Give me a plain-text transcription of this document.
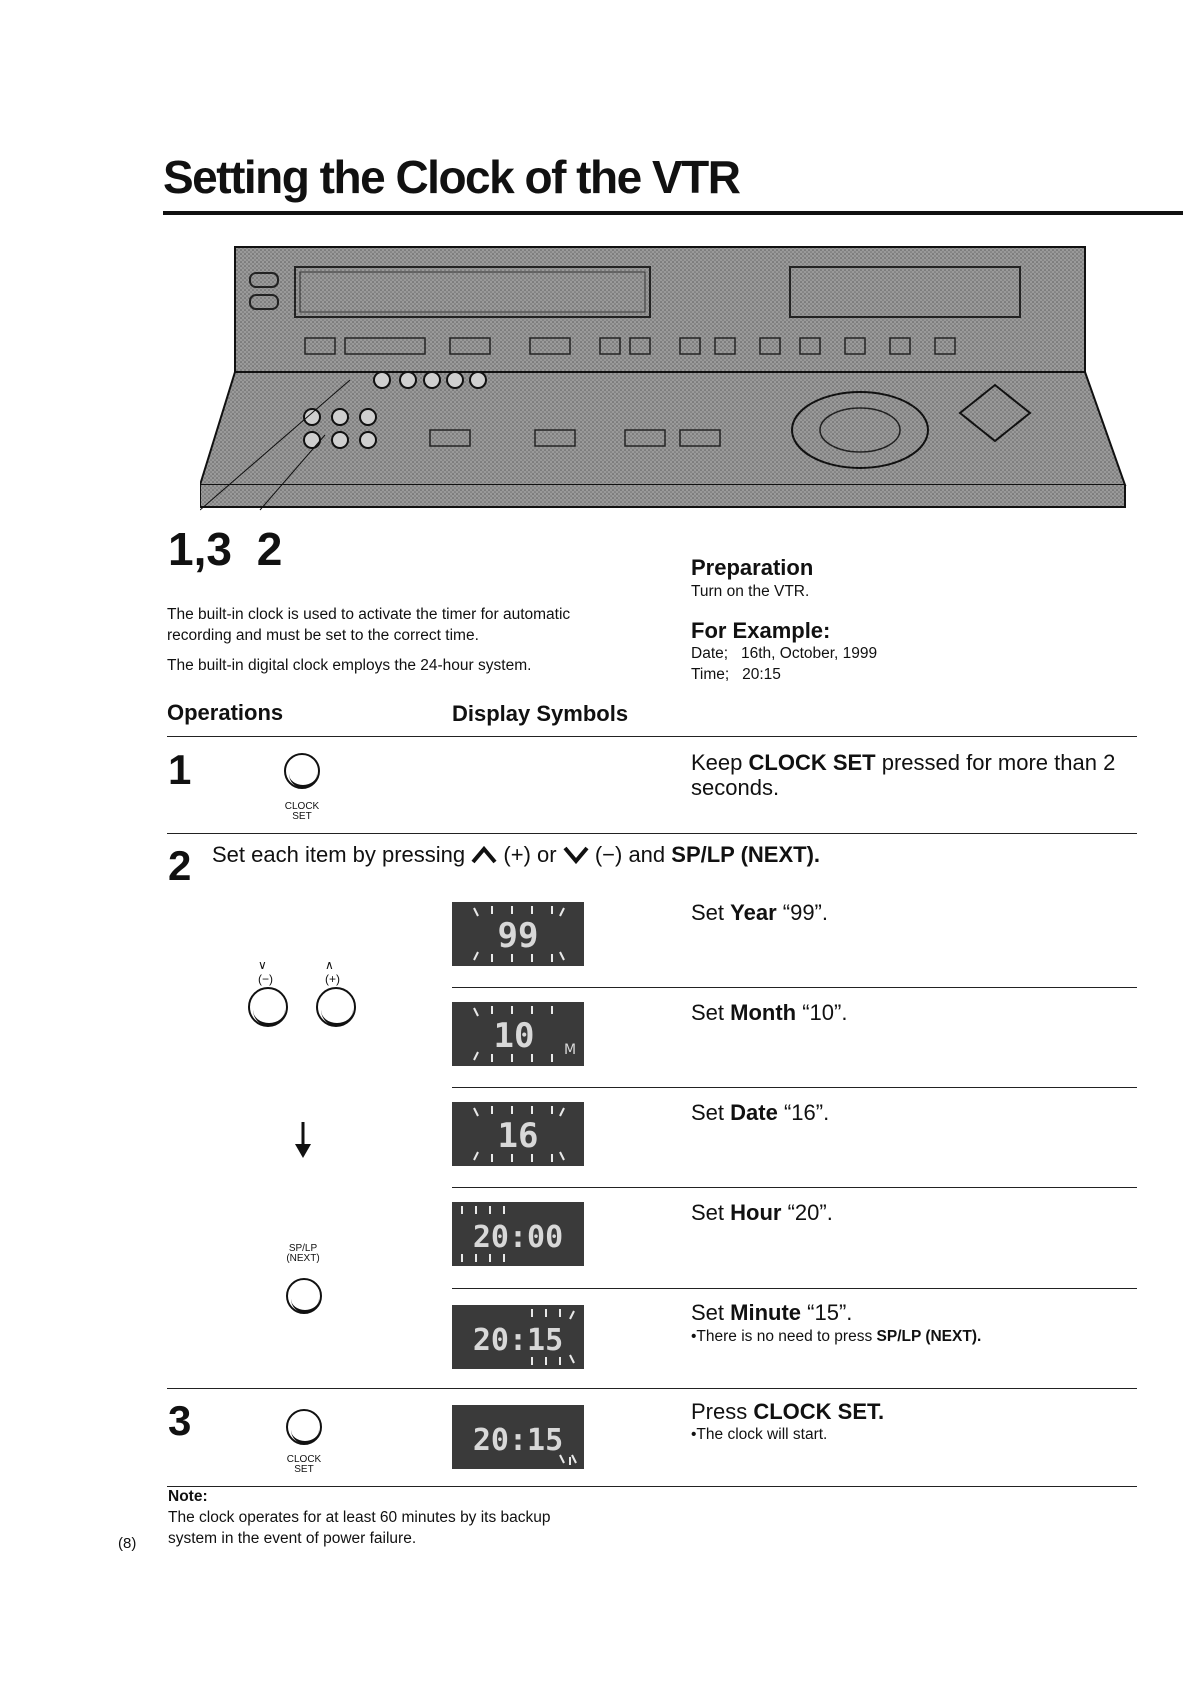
Setting the Clock of the VTR
1,3 2

The built-in clock is used to activate the timer for automatic recording and must be set to the correct time.

The built-in digital clock employs the 24-hour system.

Preparation
Turn on the VTR.
For Example:
Date; 16th, October, 1999
Time; 20:15
Operations	Display Symbols
1
CLOCK
SET
Keep CLOCK SET pressed for more than 2 seconds.
2 Set each item by pressing (+) or (−) and SP/LP (NEXT).
∨
(−)
∧
(+)
SP/LP
(NEXT)
99
10 M
16
20:00
20:15
Set Year “99”.
Set Month “10”.
Set Date “16”.
Set Hour “20”.
Set Minute “15”.
•There is no need to press SP/LP (NEXT).
3
CLOCK
SET
20:15
Press CLOCK SET.
•The clock will start.
Note:
The clock operates for at least 60 minutes by its backup
system in the event of power failure.
(8)
